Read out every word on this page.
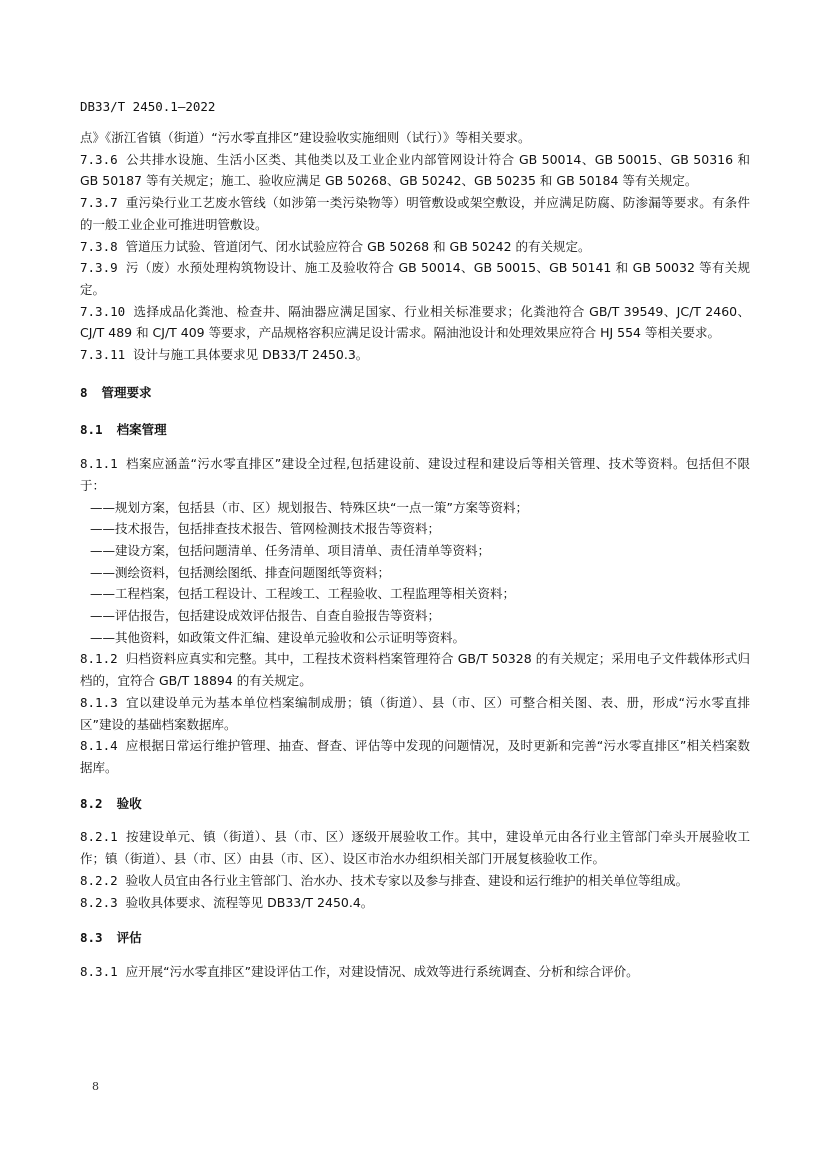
DB33/T 2450.1—2022
点》《浙江省镇（街道）“污水零直排区”建设验收实施细则（试行）》等相关要求。
7.3.6 公共排水设施、生活小区类、其他类以及工业企业内部管网设计符合 GB 50014、GB 50015、GB 50316 和 GB 50187 等有关规定；施工、验收应满足 GB 50268、GB 50242、GB 50235 和 GB 50184 等有关规定。
7.3.7 重污染行业工艺废水管线（如涉第一类污染物等）明管敷设或架空敷设，并应满足防腐、防渗漏等要求。有条件的一般工业企业可推进明管敷设。
7.3.8 管道压力试验、管道闭气、闭水试验应符合 GB 50268 和 GB 50242 的有关规定。
7.3.9 污（废）水预处理构筑物设计、施工及验收符合 GB 50014、GB 50015、GB 50141 和 GB 50032 等有关规定。
7.3.10 选择成品化粪池、检查井、隔油器应满足国家、行业相关标准要求；化粪池符合 GB/T 39549、JC/T 2460、CJ/T 489 和 CJ/T 409 等要求，产品规格容积应满足设计需求。隔油池设计和处理效果应符合 HJ 554 等相关要求。
7.3.11 设计与施工具体要求见 DB33/T 2450.3。
8 管理要求
8.1 档案管理
8.1.1 档案应涵盖“污水零直排区”建设全过程,包括建设前、建设过程和建设后等相关管理、技术等资料。包括但不限于：
——规划方案，包括县（市、区）规划报告、特殊区块“一点一策”方案等资料；
——技术报告，包括排查技术报告、管网检测技术报告等资料；
——建设方案，包括问题清单、任务清单、项目清单、责任清单等资料；
——测绘资料，包括测绘图纸、排查问题图纸等资料；
——工程档案，包括工程设计、工程竣工、工程验收、工程监理等相关资料；
——评估报告，包括建设成效评估报告、自查自验报告等资料；
——其他资料，如政策文件汇编、建设单元验收和公示证明等资料。
8.1.2 归档资料应真实和完整。其中，工程技术资料档案管理符合 GB/T 50328 的有关规定；采用电子文件载体形式归档的，宜符合 GB/T 18894 的有关规定。
8.1.3 宜以建设单元为基本单位档案编制成册；镇（街道）、县（市、区）可整合相关图、表、册，形成“污水零直排区”建设的基础档案数据库。
8.1.4 应根据日常运行维护管理、抽查、督查、评估等中发现的问题情况，及时更新和完善“污水零直排区”相关档案数据库。
8.2 验收
8.2.1 按建设单元、镇（街道）、县（市、区）逐级开展验收工作。其中，建设单元由各行业主管部门牵头开展验收工作；镇（街道）、县（市、区）由县（市、区）、设区市治水办组织相关部门开展复核验收工作。
8.2.2 验收人员宜由各行业主管部门、治水办、技术专家以及参与排查、建设和运行维护的相关单位等组成。
8.2.3 验收具体要求、流程等见 DB33/T 2450.4。
8.3 评估
8.3.1 应开展“污水零直排区”建设评估工作，对建设情况、成效等进行系统调查、分析和综合评价。
8
